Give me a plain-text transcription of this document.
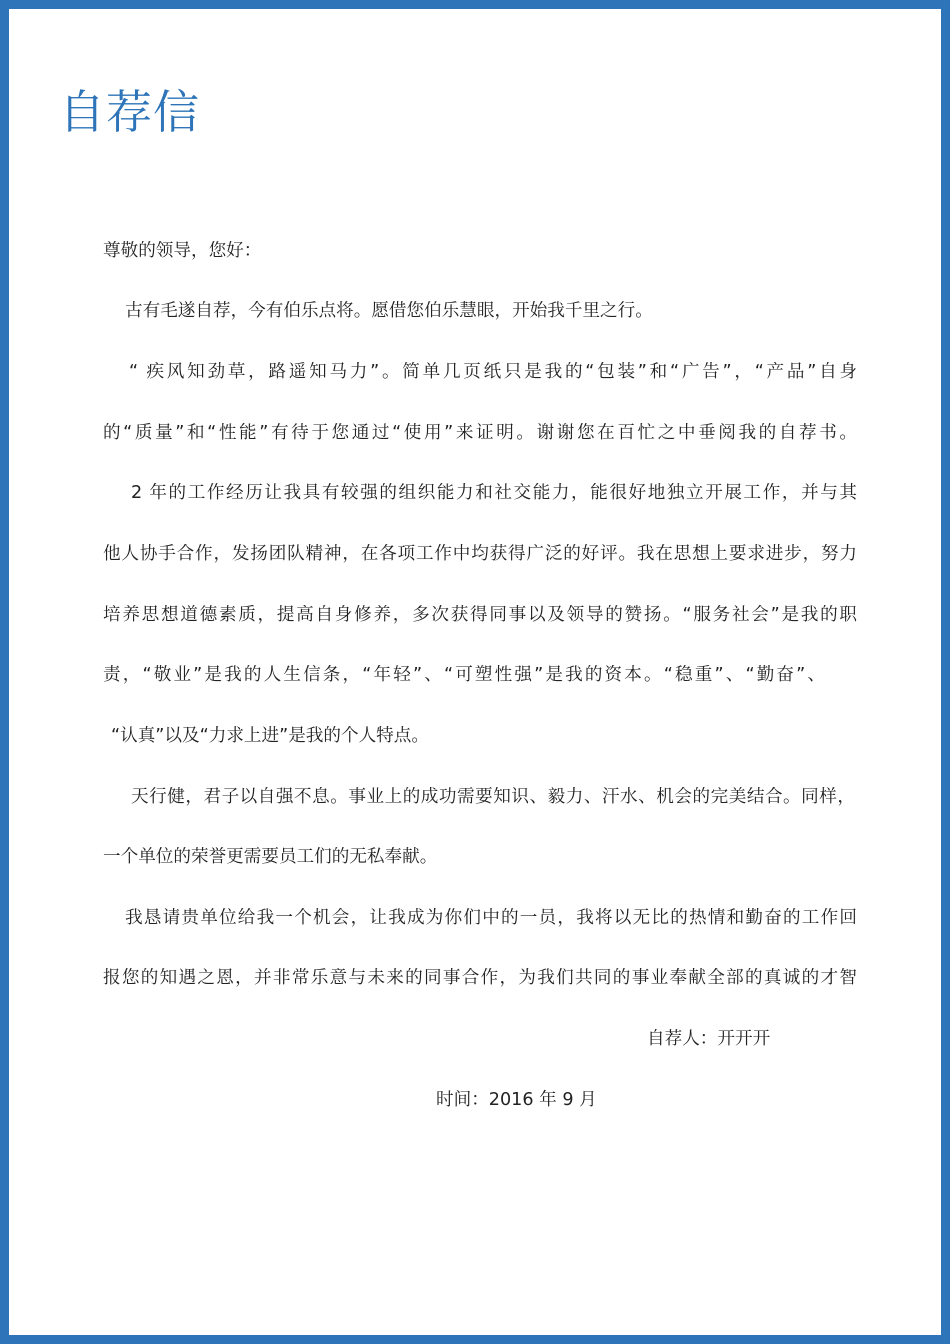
自荐信
尊敬的领导，您好：
古有毛遂自荐，今有伯乐点将。愿借您伯乐慧眼，开始我千里之行。
“ 疾风知劲草，路遥知马力”。简单几页纸只是我的“包装”和“广告”，“产品”自身
的“质量”和“性能”有待于您通过“使用”来证明。谢谢您在百忙之中垂阅我的自荐书。
2 年的工作经历让我具有较强的组织能力和社交能力，能很好地独立开展工作，并与其
他人协手合作，发扬团队精神，在各项工作中均获得广泛的好评。我在思想上要求进步，努力
培养思想道德素质，提高自身修养，多次获得同事以及领导的赞扬。“服务社会”是我的职
责，“敬业”是我的人生信条，“年轻”、“可塑性强”是我的资本。“稳重”、“勤奋”、
“认真”以及“力求上进”是我的个人特点。
天行健，君子以自强不息。事业上的成功需要知识、毅力、汗水、机会的完美结合。同样，
一个单位的荣誉更需要员工们的无私奉献。
我恳请贵单位给我一个机会，让我成为你们中的一员，我将以无比的热情和勤奋的工作回
报您的知遇之恩，并非常乐意与未来的同事合作，为我们共同的事业奉献全部的真诚的才智
自荐人：开开开
时间：2016 年 9 月
